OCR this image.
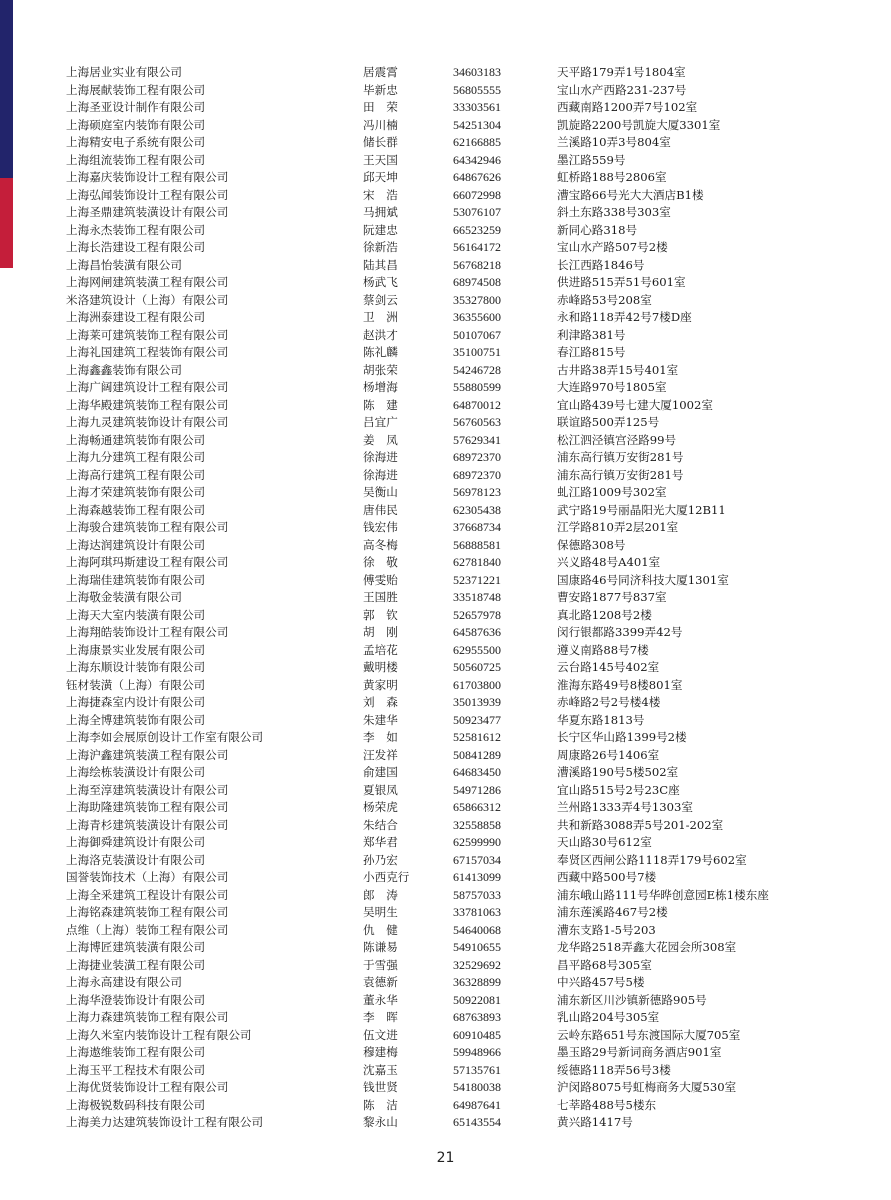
上海居业实业有限公司	居震霄	34603183	天平路179弄1号1804室
上海展献装饰工程有限公司	毕新忠	56805555	宝山水产西路231-237号
上海圣亚设计制作有限公司	田　荣	33303561	西藏南路1200弄7号102室
上海硕庭室内装饰有限公司	冯川楠	54251304	凯旋路2200号凯旋大厦3301室
上海精安电子系统有限公司	储长群	62166885	兰溪路10弄3号804室
上海组流装饰工程有限公司	王天国	64342946	墨江路559号
上海嘉庆装饰设计工程有限公司	邱天坤	64867626	虹桥路188号2806室
上海弘闻装饰设计工程有限公司	宋　浩	66072998	漕宝路66号光大大酒店B1楼
上海圣鼎建筑装潢设计有限公司	马拥斌	53076107	斜土东路338号303室
上海永杰装饰工程有限公司	阮建忠	66523259	新同心路318号
上海长浩建设工程有限公司	徐新浩	56164172	宝山水产路507号2楼
上海昌怡装潢有限公司	陆其昌	56768218	长江西路1846号
上海网闸建筑装潢工程有限公司	杨武飞	68974508	供进路515弄51号601室
米洛建筑设计（上海）有限公司	蔡剑云	35327800	赤峰路53号208室
上海洲泰建设工程有限公司	卫　洲	36355600	永和路118弄42号7楼D座
上海莱可建筑装饰工程有限公司	赵洪才	50107067	利津路381号
上海礼国建筑工程装饰有限公司	陈礼麟	35100751	春江路815号
上海鑫鑫装饰有限公司	胡张荣	54246728	古井路38弄15号401室
上海广阔建筑设计工程有限公司	杨增海	55880599	大连路970号1805室
上海华殿建筑装饰工程有限公司	陈　建	64870012	宜山路439号七建大厦1002室
上海九灵建筑装饰设计有限公司	吕宜广	56760563	联谊路500弄125号
上海畅通建筑装饰有限公司	姜　凤	57629341	松江泗泾镇宫泾路99号
上海九分建筑工程有限公司	徐海进	68972370	浦东高行镇万安街281号
上海高行建筑工程有限公司	徐海进	68972370	浦东高行镇万安街281号
上海才荣建筑装饰有限公司	吴衡山	56978123	虬江路1009号302室
上海森越装饰工程有限公司	唐伟民	62305438	武宁路19号丽晶阳光大厦12B11
上海骏合建筑装饰工程有限公司	钱宏伟	37668734	江学路810弄2层201室
上海达润建筑设计有限公司	高冬梅	56888581	保德路308号
上海阿琪玛斯建设工程有限公司	徐　敬	62781840	兴义路48号A401室
上海瑞佳建筑装饰有限公司	傅雯贻	52371221	国康路46号同济科技大厦1301室
上海敬金装潢有限公司	王国胜	33518748	曹安路1877号837室
上海天大室内装潢有限公司	郭　钦	52657978	真北路1208号2楼
上海翔皓装饰设计工程有限公司	胡　刚	64587636	闵行银都路3399弄42号
上海康景实业发展有限公司	孟培花	62955500	遵义南路88号7楼
上海东顺设计装饰有限公司	戴明楼	50560725	云台路145号402室
钰材装潢（上海）有限公司	黄家明	61703800	淮海东路49号8楼801室
上海捷森室内设计有限公司	刘　森	35013939	赤峰路2号2号楼4楼
上海全博建筑装饰有限公司	朱建华	50923477	华夏东路1813号
上海李如会展原创设计工作室有限公司	李　如	52581612	长宁区华山路1399号2楼
上海沪鑫建筑装潢工程有限公司	汪发祥	50841289	周康路26号1406室
上海绘栋装潢设计有限公司	俞建国	64683450	漕溪路190号5楼502室
上海至淳建筑装潢设计有限公司	夏银凤	54971286	宜山路515号2号23C座
上海助隆建筑装饰工程有限公司	杨荣虎	65866312	兰州路1333弄4号1303室
上海青杉建筑装潢设计有限公司	朱结合	32558858	共和新路3088弄5号201-202室
上海御舜建筑设计有限公司	郑华君	62599990	天山路30号612室
上海洛克装潢设计有限公司	孙乃宏	67157034	奉贤区西闸公路1118弄179号602室
国誉装饰技术（上海）有限公司	小西克行	61413099	西藏中路500号7楼
上海全釆建筑工程设计有限公司	郎　涛	58757033	浦东峨山路111号华晔创意园E栋1楼东座
上海铭森建筑装饰工程有限公司	吴明生	33781063	浦东莲溪路467号2楼
点维（上海）装饰工程有限公司	仇　健	54640068	漕东支路1-5号203
上海博匠建筑装潢有限公司	陈谦易	54910655	龙华路2518弄鑫大花园会所308室
上海捷业装潢工程有限公司	于雪强	32529692	昌平路68号305室
上海永高建设有限公司	袁德新	36328899	中兴路457号5楼
上海华澄装饰设计有限公司	董永华	50922081	浦东新区川沙镇新德路905号
上海力森建筑装饰工程有限公司	李　晖	68763893	乳山路204号305室
上海久米室内装饰设计工程有限公司	伍文进	60910485	云岭东路651号东渡国际大厦705室
上海遨维装饰工程有限公司	穆建梅	59948966	墨玉路29号新词商务酒店901室
上海玉平工程技术有限公司	沈嘉玉	57135761	绥德路118弄56号3楼
上海优贤装饰设计工程有限公司	钱世贤	54180038	沪闵路8075号虹梅商务大厦530室
上海极锐数码科技有限公司	陈　洁	64987641	七莘路488号5楼东
上海美力达建筑装饰设计工程有限公司	黎永山	65143554	黄兴路1417号
21
